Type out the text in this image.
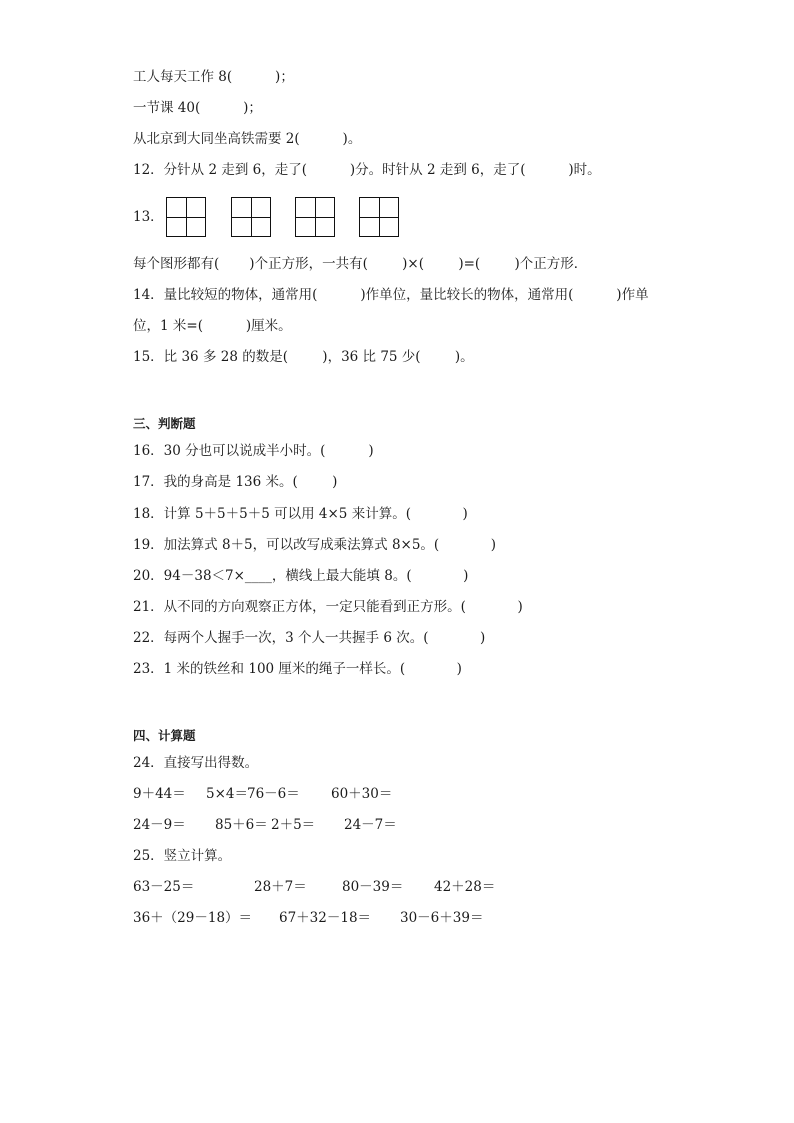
工人每天工作 8(          )；
一节课 40(          )；
从北京到大同坐高铁需要 2(          )。
12．分针从 2 走到 6，走了(          )分。时针从 2 走到 6，走了(          )时。
13．
每个图形都有(       )个正方形，一共有(        )×(        )=(        )个正方形．
14．量比较短的物体，通常用(          )作单位，量比较长的物体，通常用(          )作单
位，1 米=(          )厘米。
15．比 36 多 28 的数是(        )，36 比 75 少(        )。
三、判断题
16．30 分也可以说成半小时。(          )
17．我的身高是 136 米。(        )
18．计算 5＋5＋5＋5 可以用 4×5 来计算。(            )
19．加法算式 8＋5，可以改写成乘法算式 8×5。(            )
20．94－38＜7×____，横线上最大能填 8。(            )
21．从不同的方向观察正方体，一定只能看到正方形。(            )
22．每两个人握手一次，3 个人一共握手 6 次。(            )
23．1 米的铁丝和 100 厘米的绳子一样长。(            )
四、计算题
24．直接写出得数。
9＋44＝ 5×4＝ 76－6＝ 60＋30＝
24－9＝ 85＋6＝ 2＋5＝ 24－7＝
25．竖立计算。
63－25＝	28＋7＝	80－39＝ 42＋28＝
36＋（29－18）＝ 67＋32－18＝ 30－6＋39＝
